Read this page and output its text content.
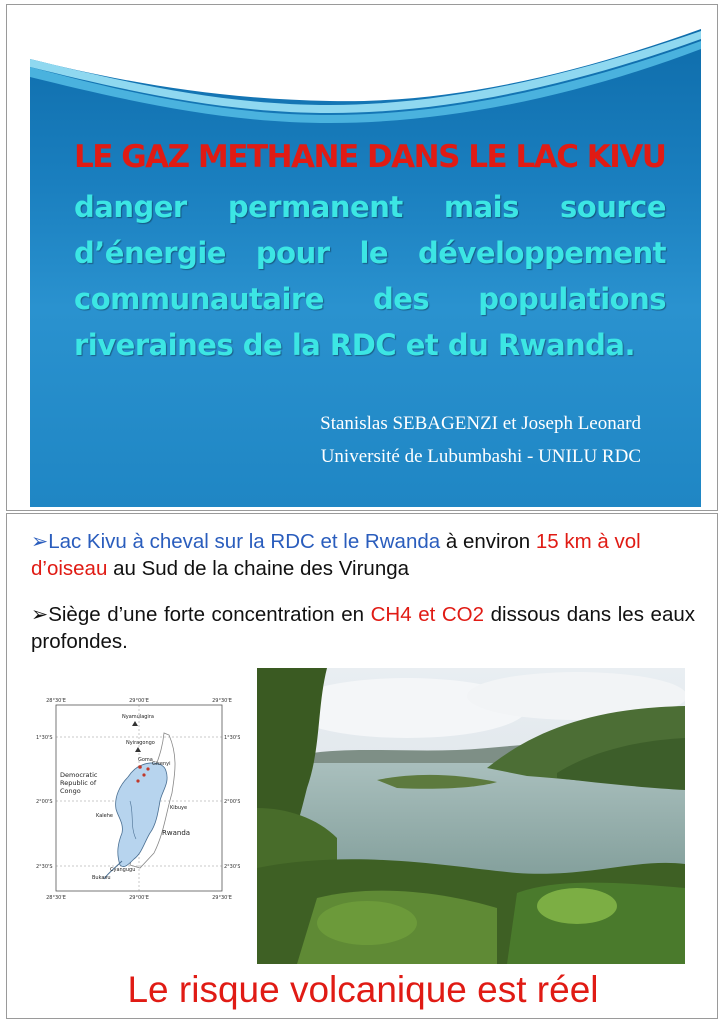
LE GAZ METHANE DANS LE LAC KIVU
danger permanent mais source d’énergie pour le développement communautaire des populations riveraines de la RDC et du Rwanda.
Stanislas SEBAGENZI et Joseph Leonard
Université de Lubumbashi - UNILU RDC
➢Lac Kivu à cheval sur la RDC et le Rwanda à environ 15 km à vol d’oiseau au Sud de la chaine des Virunga
➢Siège d’une forte concentration en CH4 et CO2 dissous dans les eaux profondes.
Le risque volcanique est réel
28°30'E	29°00'E	29°30'E
28°30'E	29°00'E	29°30'E
1°30'S
2°00'S
2°30'S
1°30'S
2°00'S
2°30'S
Nyamulagira
Nyiragongo
Goma
Gisenyi
Democratic Republic of Congo
Kalehe
Kibuye
Rwanda
Cyangugu
Bukavu
